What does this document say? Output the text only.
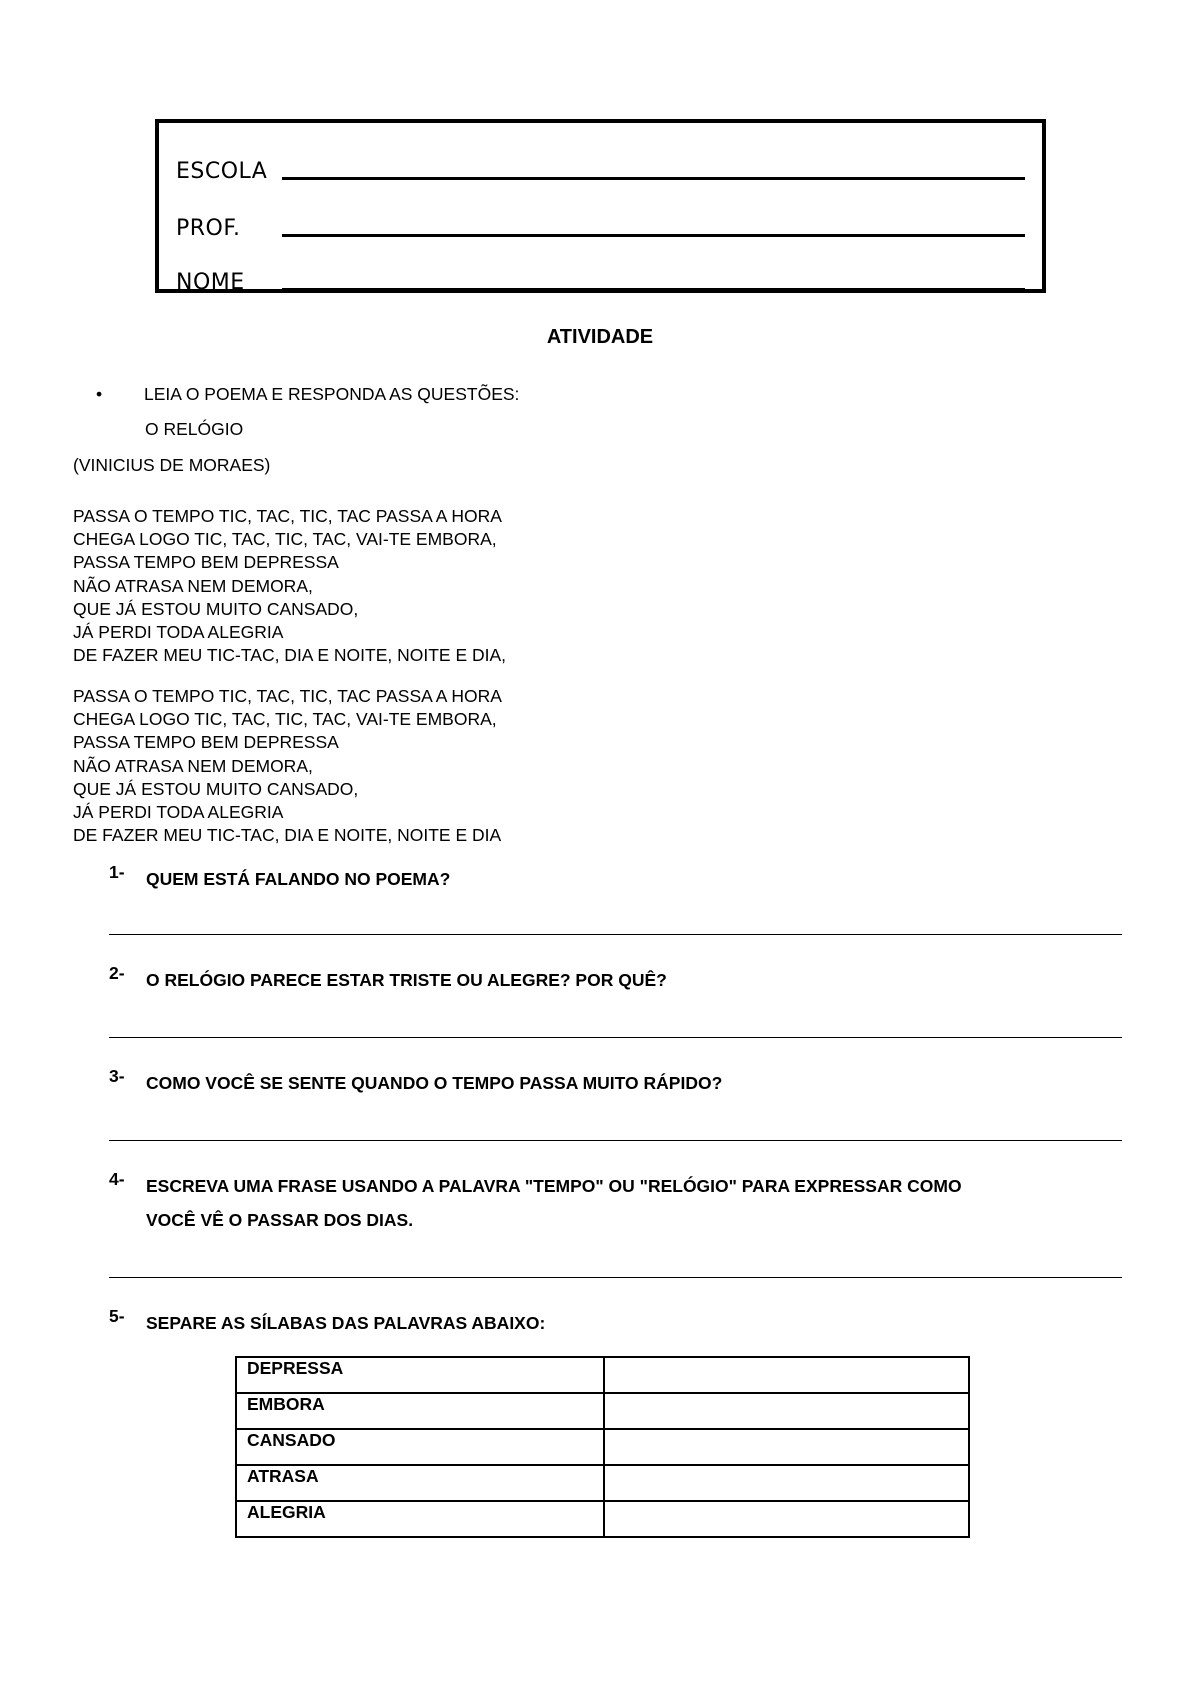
ESCOLA
PROF.
NOME
ATIVIDADE
• LEIA O POEMA E RESPONDA AS QUESTÕES:
O RELÓGIO
(VINICIUS DE MORAES)
PASSA O TEMPO TIC, TAC, TIC, TAC PASSA A HORA
CHEGA LOGO TIC, TAC, TIC, TAC, VAI-TE EMBORA,
PASSA TEMPO BEM DEPRESSA
NÃO ATRASA NEM DEMORA,
QUE JÁ ESTOU MUITO CANSADO,
JÁ PERDI TODA ALEGRIA
DE FAZER MEU TIC-TAC, DIA E NOITE, NOITE E DIA,
PASSA O TEMPO TIC, TAC, TIC, TAC PASSA A HORA
CHEGA LOGO TIC, TAC, TIC, TAC, VAI-TE EMBORA,
PASSA TEMPO BEM DEPRESSA
NÃO ATRASA NEM DEMORA,
QUE JÁ ESTOU MUITO CANSADO,
JÁ PERDI TODA ALEGRIA
DE FAZER MEU TIC-TAC, DIA E NOITE, NOITE E DIA
1- QUEM ESTÁ FALANDO NO POEMA?
2- O RELÓGIO PARECE ESTAR TRISTE OU ALEGRE? POR QUÊ?
3- COMO VOCÊ SE SENTE QUANDO O TEMPO PASSA MUITO RÁPIDO?
4- ESCREVA UMA FRASE USANDO A PALAVRA "TEMPO" OU "RELÓGIO" PARA EXPRESSAR COMO
VOCÊ VÊ O PASSAR DOS DIAS.
5- SEPARE AS SÍLABAS DAS PALAVRAS ABAIXO:
DEPRESSA	
EMBORA	
CANSADO	
ATRASA	
ALEGRIA	
